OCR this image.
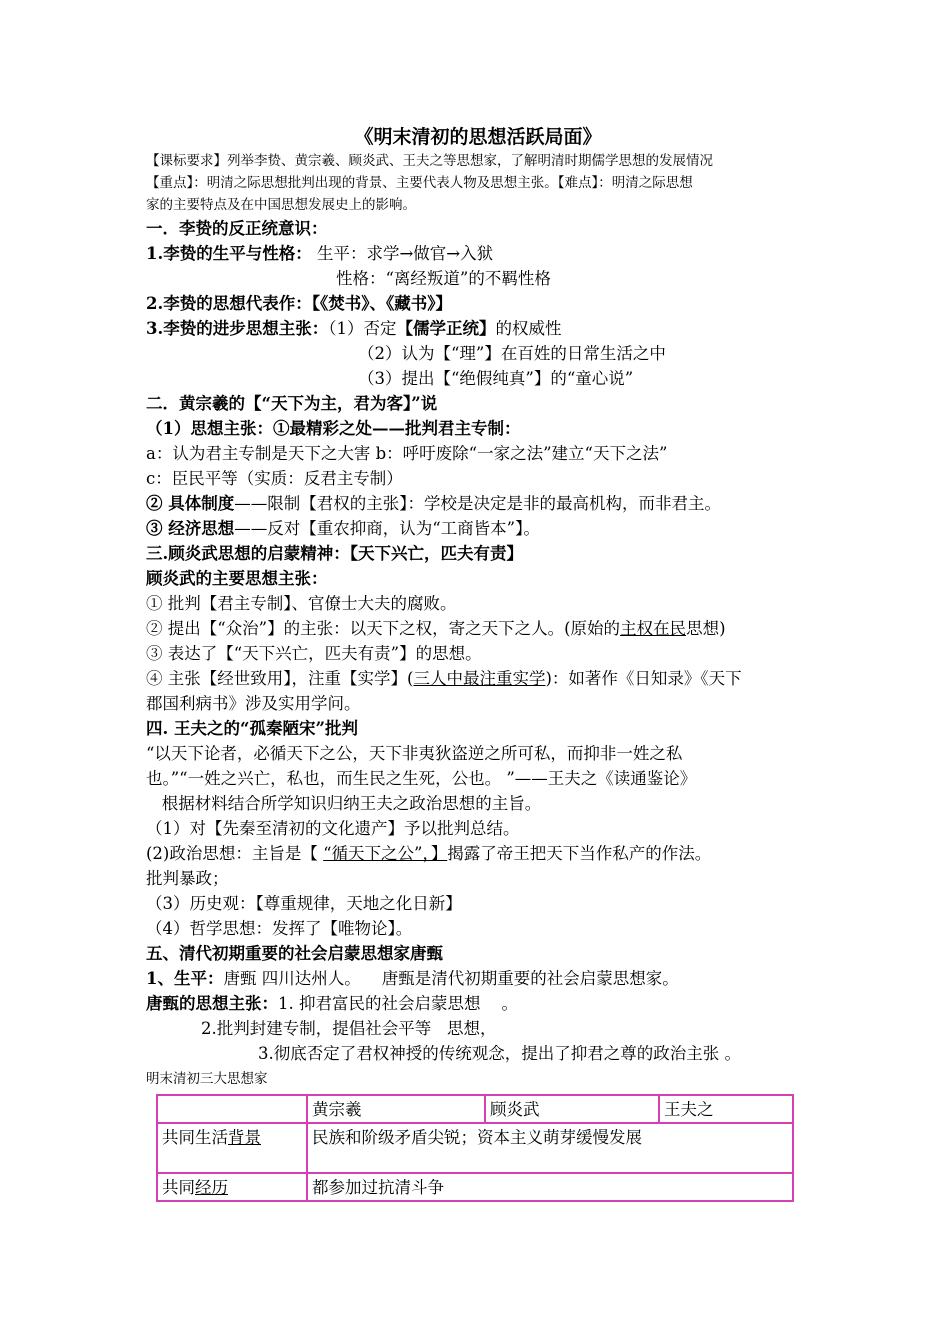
《明末清初的思想活跃局面》
【课标要求】列举李贽、黄宗羲、顾炎武、王夫之等思想家，了解明清时期儒学思想的发展情况
【重点】：明清之际思想批判出现的背景、主要代表人物及思想主张。【难点】：明清之际思想
家的主要特点及在中国思想发展史上的影响。
一．李贽的反正统意识：
1.李贽的生平与性格： 生平：求学→做官→入狱
性格：“离经叛道”的不羁性格
2.李贽的思想代表作：【《焚书》、《藏书》】
3.李贽的进步思想主张：（1）否定【儒学正统】的权威性
（2）认为【“理”】在百姓的日常生活之中
（3）提出【“绝假纯真”】的“童心说”
二．黄宗羲的【“天下为主，君为客】”说
（1）思想主张：①最精彩之处——批判君主专制：
a：认为君主专制是天下之大害 b：呼吁废除“一家之法”建立“天下之法”
c：臣民平等（实质：反君主专制）
② 具体制度——限制【君权的主张】：学校是决定是非的最高机构，而非君主。
③ 经济思想——反对【重农抑商，认为“工商皆本”】。
三.顾炎武思想的启蒙精神：【天下兴亡，匹夫有责】
顾炎武的主要思想主张：
① 批判【君主专制】、官僚士大夫的腐败。
② 提出【“众治”】的主张：以天下之权，寄之天下之人。(原始的主权在民思想)
③ 表达了【“天下兴亡，匹夫有责”】的思想。
④ 主张【经世致用】，注重【实学】(三人中最注重实学)：如著作《日知录》《天下
郡国利病书》涉及实用学问。
四. 王夫之的“孤秦陋宋”批判
“以天下论者，必循天下之公，天下非夷狄盗逆之所可私，而抑非一姓之私
也。”“一姓之兴亡，私也，而生民之生死，公也。 ”——王夫之《读通鉴论》
根据材料结合所学知识归纳王夫之政治思想的主旨。
（1）对【先秦至清初的文化遗产】予以批判总结。
(2)政治思想：主旨是【 “循天下之公”，】揭露了帝王把天下当作私产的作法。
批判暴政；
（3）历史观：【尊重规律，天地之化日新】
（4）哲学思想：发挥了【唯物论】。
五、清代初期重要的社会启蒙思想家唐甄
1、生平：唐甄 四川达州人。    唐甄是清代初期重要的社会启蒙思想家。
唐甄的思想主张：1. 抑君富民的社会启蒙思想    。
2.批判封建专制，提倡社会平等   思想，
3.彻底否定了君权神授的传统观念，提出了抑君之尊的政治主张 。
明末清初三大思想家
	黄宗羲	顾炎武	王夫之
共同生活背景	民族和阶级矛盾尖锐；资本主义萌芽缓慢发展		
共同经历	都参加过抗清斗争		
